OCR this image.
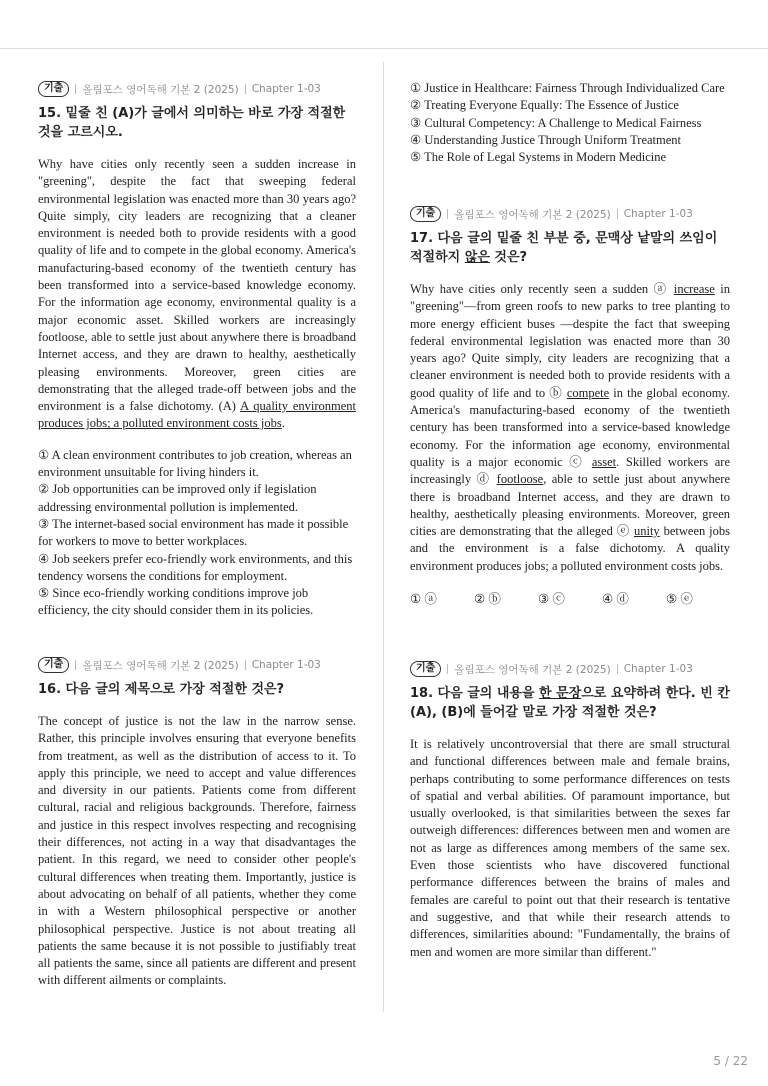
기출	올림포스 영어독해 기본 2 (2025) Chapter 1-03
15. 밑줄 친 (A)가 글에서 의미하는 바로 가장 적절한 것을 고르시오.
Why have cities only recently seen a sudden increase in "greening", despite the fact that sweeping federal environmental legislation was enacted more than 30 years ago? Quite simply, city leaders are recognizing that a cleaner environment is needed both to provide residents with a good quality of life and to compete in the global economy. America's manufacturing-based economy of the twentieth century has been transformed into a service-based knowledge economy. For the information age economy, environmental quality is a major economic asset. Skilled workers are increasingly footloose, able to settle just about anywhere there is broadband Internet access, and they are drawn to healthy, aesthetically pleasing environments. Moreover, green cities are demonstrating that the alleged trade-off between jobs and the environment is a false dichotomy. (A) A quality environment produces jobs; a polluted environment costs jobs.
① A clean environment contributes to job creation, whereas an environment unsuitable for living hinders it.
② Job opportunities can be improved only if legislation addressing environmental pollution is implemented.
③ The internet-based social environment has made it possible for workers to move to better workplaces.
④ Job seekers prefer eco-friendly work environments, and this tendency worsens the conditions for employment.
⑤ Since eco-friendly working conditions improve job efficiency, the city should consider them in its policies.
기출	올림포스 영어독해 기본 2 (2025) Chapter 1-03
16. 다음 글의 제목으로 가장 적절한 것은?
The concept of justice is not the law in the narrow sense. Rather, this principle involves ensuring that everyone benefits from treatment, as well as the distribution of access to it. To apply this principle, we need to accept and value differences and diversity in our patients. Patients come from different cultural, racial and religious backgrounds. Therefore, fairness and justice in this respect involves respecting and recognising their differences, not acting in a way that disadvantages the patient. In this regard, we need to consider other people's cultural differences when treating them. Importantly, justice is about advocating on behalf of all patients, whether they come in with a Western philosophical perspective or another philosophical perspective. Justice is not about treating all patients the same because it is not possible to justifiably treat all patients the same, since all patients are different and present with different ailments or complaints.
① Justice in Healthcare: Fairness Through Individualized Care
② Treating Everyone Equally: The Essence of Justice
③ Cultural Competency: A Challenge to Medical Fairness
④ Understanding Justice Through Uniform Treatment
⑤ The Role of Legal Systems in Modern Medicine
기출	올림포스 영어독해 기본 2 (2025) Chapter 1-03
17. 다음 글의 밑줄 친 부분 중, 문맥상 낱말의 쓰임이 적절하지 않은 것은?
Why have cities only recently seen a sudden ⓐ increase in "greening"—from green roofs to new parks to tree planting to more energy efficient buses —despite the fact that sweeping federal environmental legislation was enacted more than 30 years ago? Quite simply, city leaders are recognizing that a cleaner environment is needed both to provide residents with a good quality of life and to ⓑ compete in the global economy. America's manufacturing-based economy of the twentieth century has been transformed into a service-based knowledge economy. For the information age economy, environmental quality is a major economic ⓒ asset. Skilled workers are increasingly ⓓ footloose, able to settle just about anywhere there is broadband Internet access, and they are drawn to healthy, aesthetically pleasing environments. Moreover, green cities are demonstrating that the alleged ⓔ unity between jobs and the environment is a false dichotomy. A quality environment produces jobs; a polluted environment costs jobs.
① ⓐ	② ⓑ	③ ⓒ	④ ⓓ	⑤ ⓔ
기출	올림포스 영어독해 기본 2 (2025) Chapter 1-03
18. 다음 글의 내용을 한 문장으로 요약하려 한다. 빈 칸 (A), (B)에 들어갈 말로 가장 적절한 것은?
It is relatively uncontroversial that there are small structural and functional differences between male and female brains, perhaps contributing to some performance differences on tests of spatial and verbal abilities. Of paramount importance, but usually overlooked, is that similarities between the sexes far outweigh differences: differences between men and women are not as large as differences among members of the same sex. Even those scientists who have discovered functional performance differences between the brains of males and females are careful to point out that their research is tentative and suggestive, and that while their research attends to differences, similarities abound: "Fundamentally, the brains of men and women are more similar than different."
5 / 22
